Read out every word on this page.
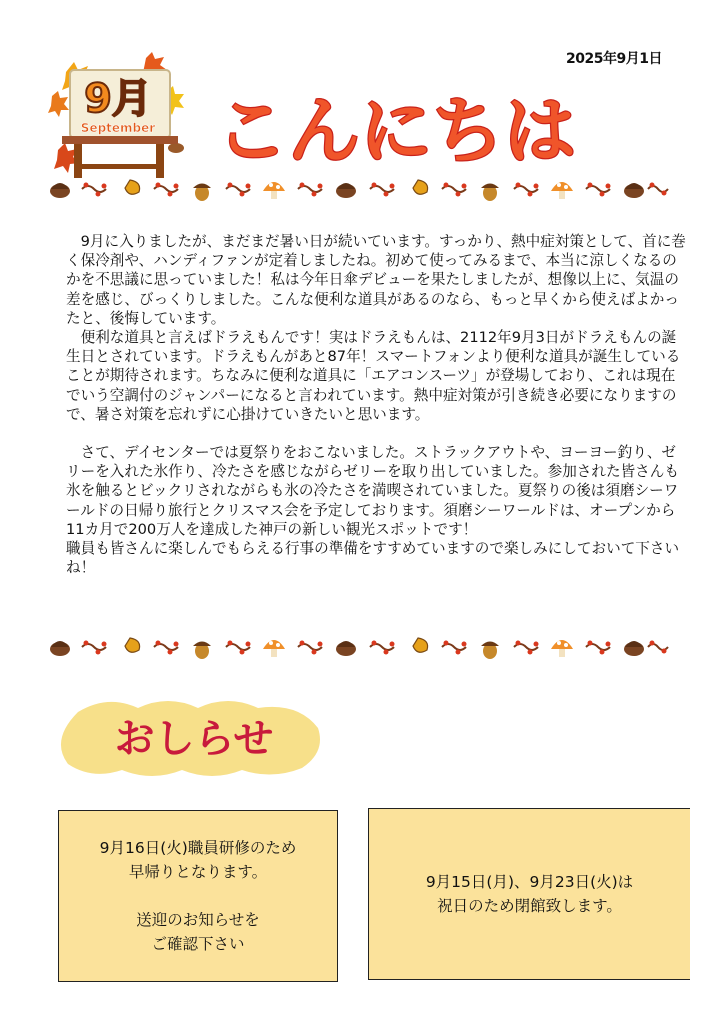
2025年9月1日
9月
September こんにちは

9月に入りましたが、まだまだ暑い日が続いています。すっかり、熱中症対策として、首に巻く保冷剤や、ハンディファンが定着しましたね。初めて使ってみるまで、本当に涼しくなるのかを不思議に思っていました！私は今年日傘デビューを果たしましたが、想像以上に、気温の差を感じ、びっくりしました。こんな便利な道具があるのなら、もっと早くから使えばよかったと、後悔しています。

便利な道具と言えばドラえもんです！実はドラえもんは、2112年9月3日がドラえもんの誕生日とされています。ドラえもんがあと87年！スマートフォンより便利な道具が誕生していることが期待されます。ちなみに便利な道具に「エアコンスーツ」が登場しており、これは現在でいう空調付のジャンパーになると言われています。熱中症対策が引き続き必要になりますので、暑さ対策を忘れずに心掛けていきたいと思います。

さて、デイセンターでは夏祭りをおこないました。ストラックアウトや、ヨーヨー釣り、ゼリーを入れた氷作り、冷たさを感じながらゼリーを取り出していました。参加された皆さんも氷を触るとビックリされながらも氷の冷たさを満喫されていました。夏祭りの後は須磨シーワールドの日帰り旅行とクリスマス会を予定しております。須磨シーワールドは、オープンから11カ月で200万人を達成した神戸の新しい観光スポットです！

職員も皆さんに楽しんでもらえる行事の準備をすすめていますので楽しみにしておいて下さいね！

おしらせ
9月16日(火)職員研修のため
早帰りとなります。
送迎のお知らせを
ご確認下さい
9月15日(月)、9月23日(火)は
祝日のため閉館致します。
